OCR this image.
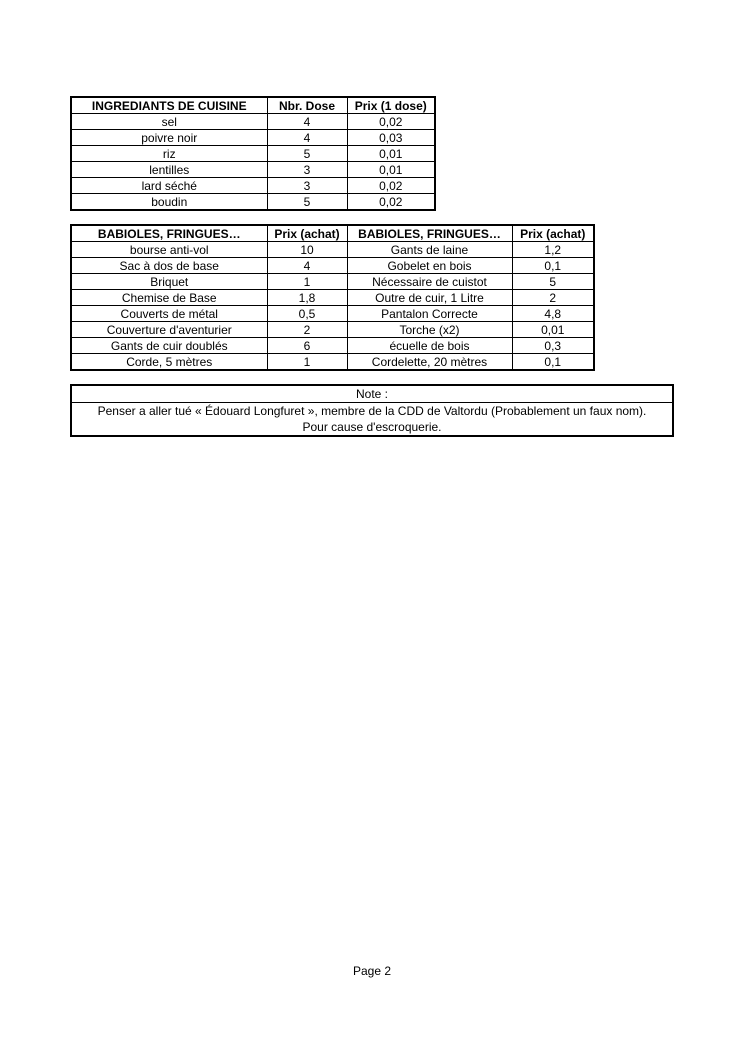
INGREDIANTS DE CUISINE	Nbr. Dose	Prix (1 dose)
sel	4	0,02
poivre noir	4	0,03
riz	5	0,01
lentilles	3	0,01
lard séché	3	0,02
boudin	5	0,02
BABIOLES, FRINGUES…	Prix (achat)	BABIOLES, FRINGUES…	Prix (achat)
bourse anti-vol	10	Gants de laine	1,2
Sac à dos de base	4	Gobelet en bois	0,1
Briquet	1	Nécessaire de cuistot	5
Chemise de Base	1,8	Outre de cuir, 1 Litre	2
Couverts de métal	0,5	Pantalon Correcte	4,8
Couverture d'aventurier	2	Torche (x2)	0,01
Gants de cuir doublés	6	écuelle de bois	0,3
Corde, 5 mètres	1	Cordelette, 20 mètres	0,1
Note :
Penser a aller tué « Édouard Longfuret », membre de la CDD de Valtordu (Probablement un faux nom).
Pour cause d'escroquerie.
Page 2
